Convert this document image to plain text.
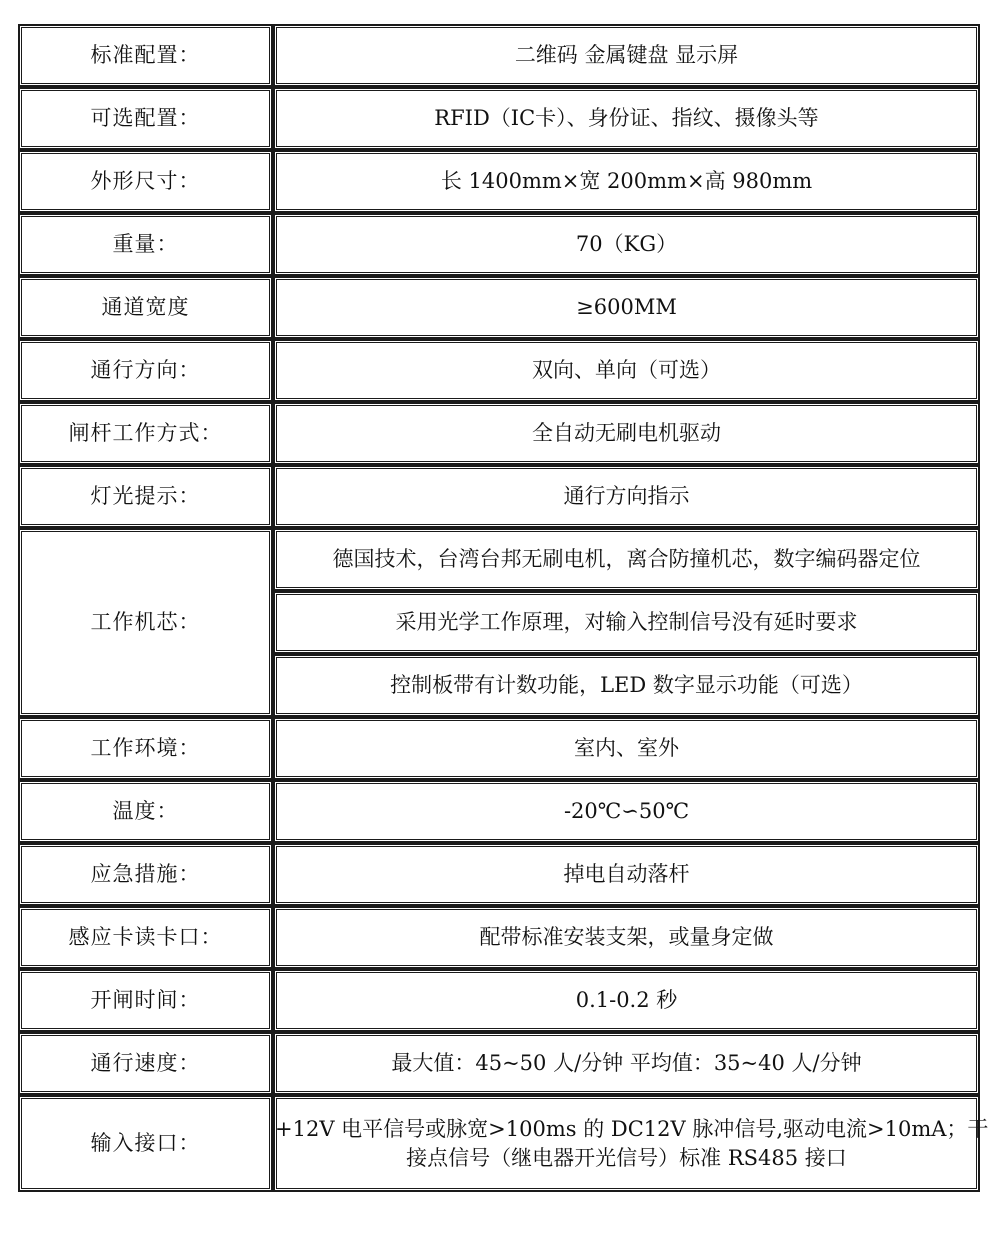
标准配置：	二维码 金属键盘 显示屏
可选配置：	RFID（IC卡）、身份证、指纹、摄像头等
外形尺寸：	长 1400mm×宽 200mm×高 980mm
重量：	70（KG）
通道宽度	≥600MM
通行方向：	双向、单向（可选）
闸杆工作方式：	全自动无刷电机驱动
灯光提示：	通行方向指示
工作机芯：	德国技术，台湾台邦无刷电机，离合防撞机芯，数字编码器定位
	采用光学工作原理，对输入控制信号没有延时要求
	控制板带有计数功能，LED 数字显示功能（可选）
工作环境：	室内、室外
温度：	-20℃∽50℃
应急措施：	掉电自动落杆
感应卡读卡口：	配带标准安装支架，或量身定做
开闸时间：	0.1-0.2 秒
通行速度：	最大值：45~50 人/分钟 平均值：35~40 人/分钟
输入接口：	+12V 电平信号或脉宽>100ms 的 DC12V 脉冲信号,驱动电流>10mA；干
接点信号（继电器开光信号）标准 RS485 接口
